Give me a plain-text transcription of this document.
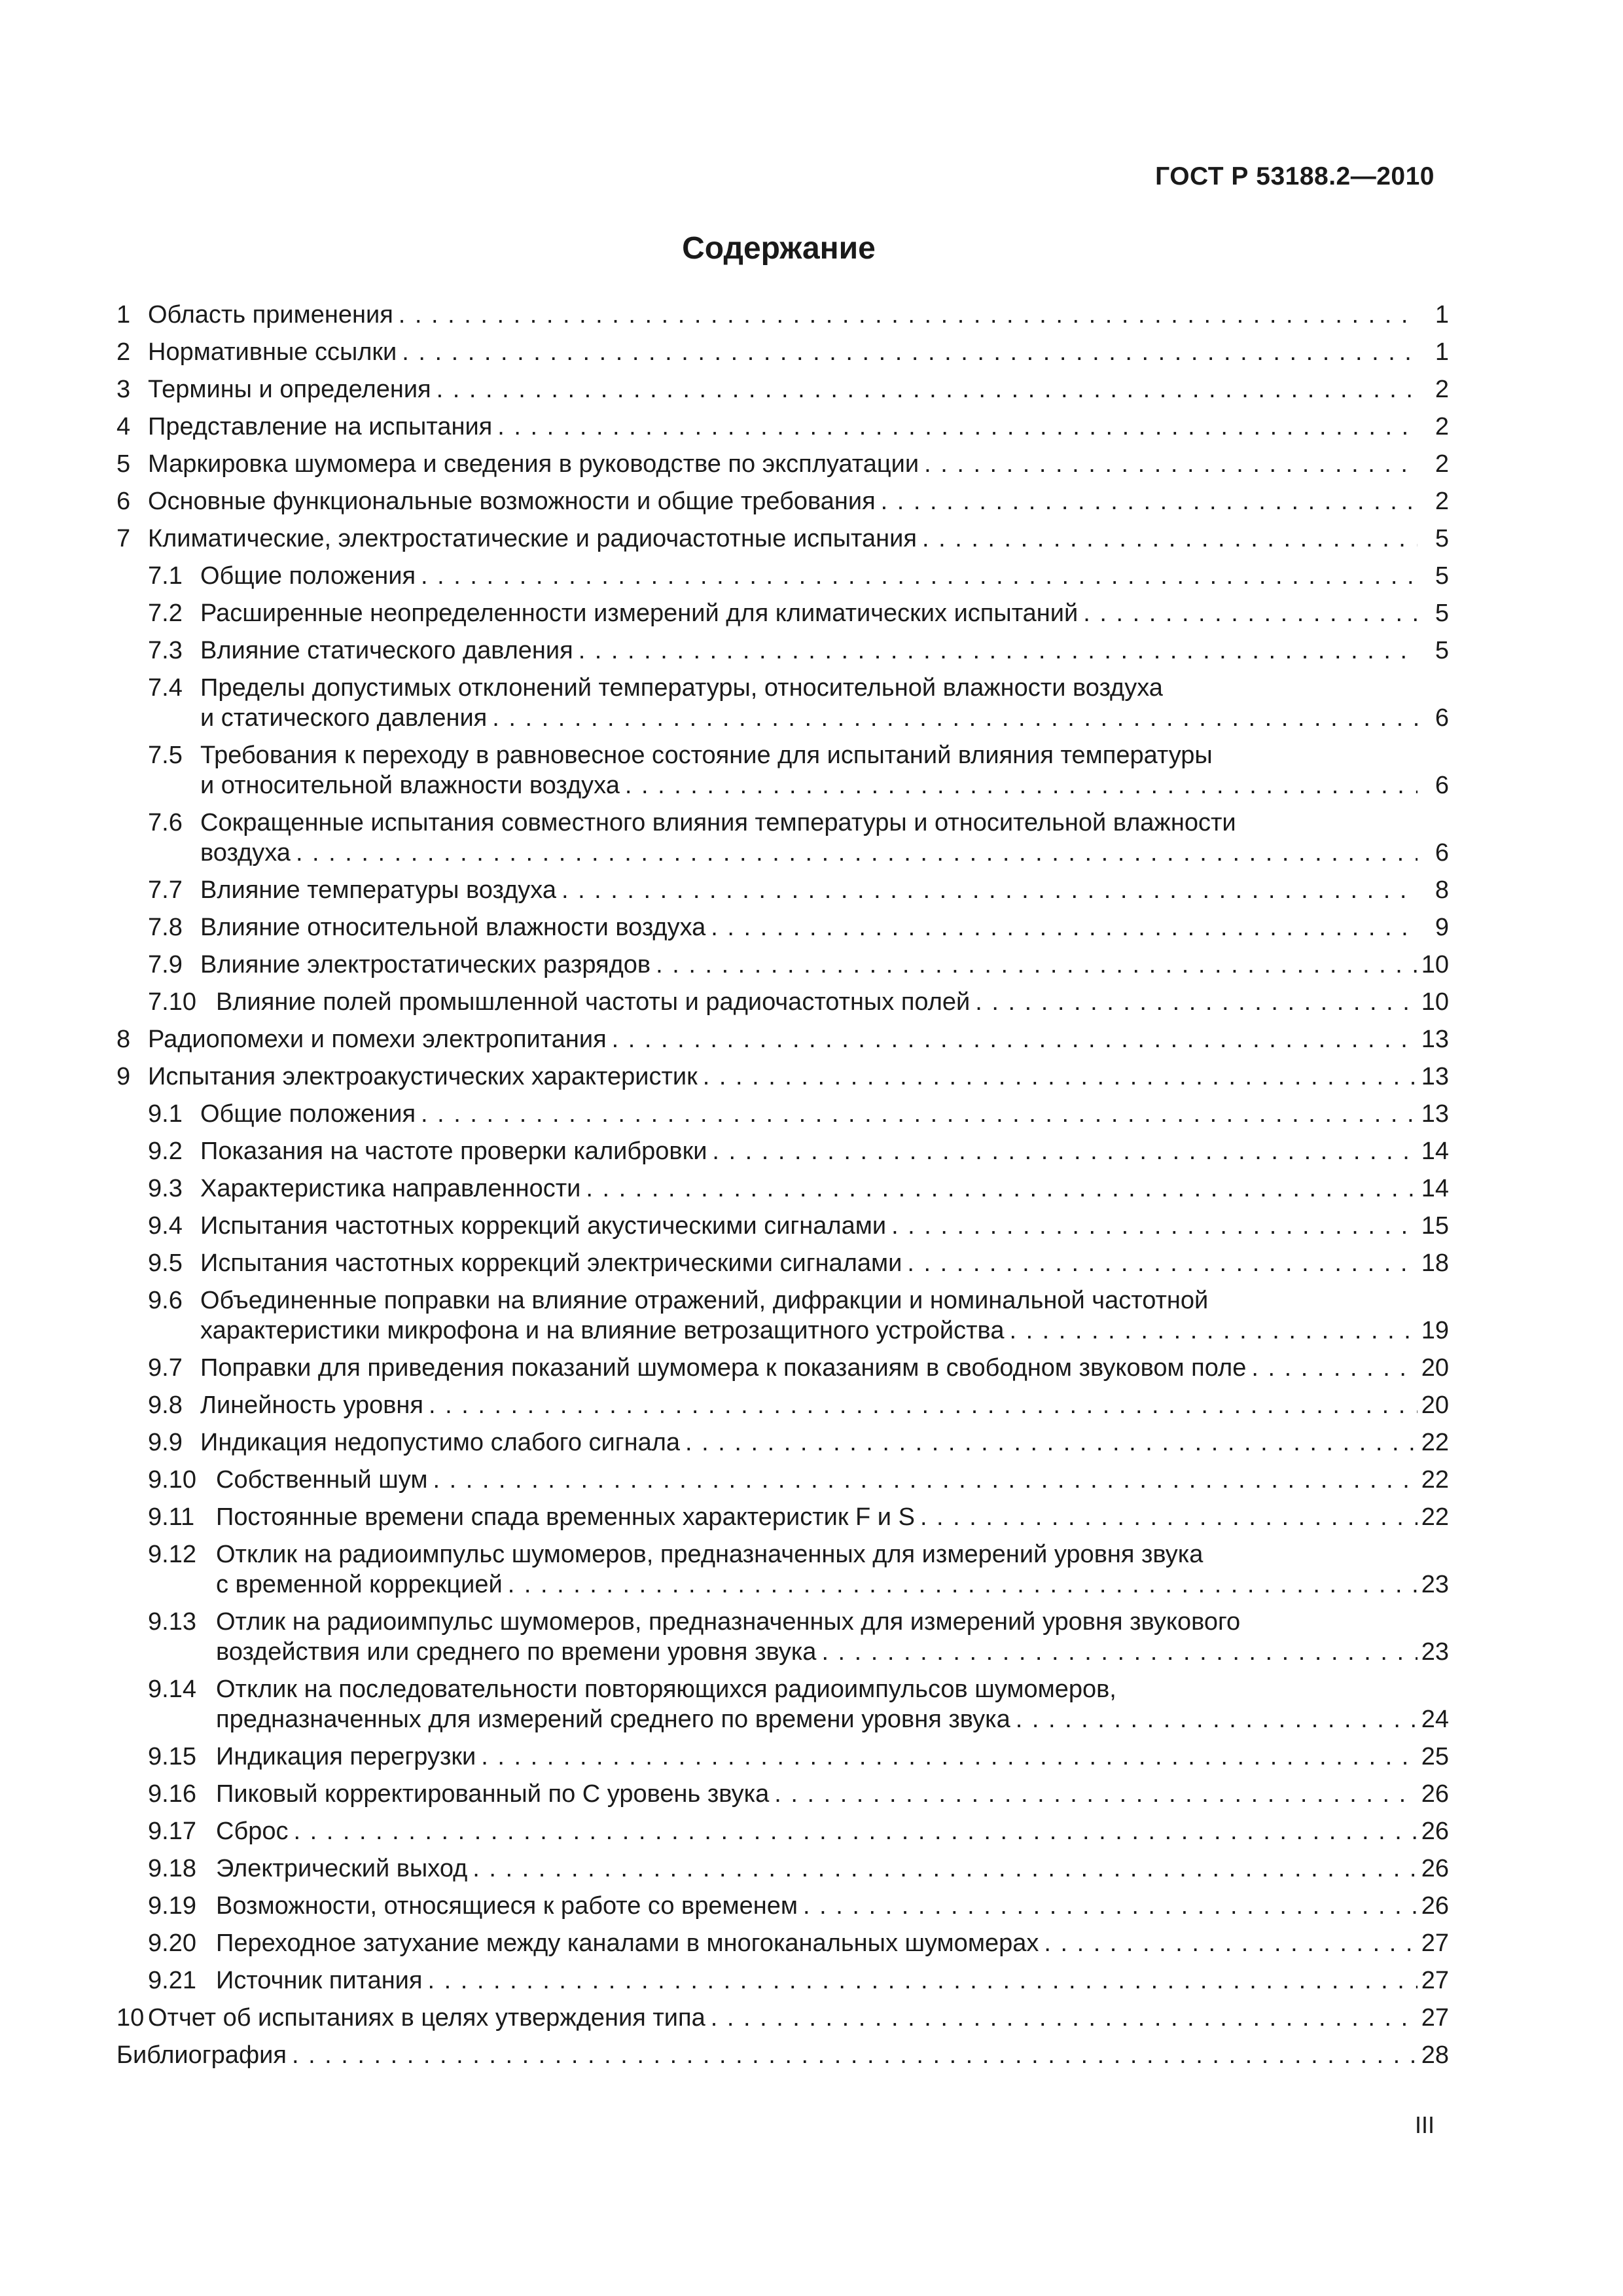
ГОСТ Р 53188.2—2010
Содержание
1 Область применения . . .	1
2 Нормативные ссылки . . .	1
3 Термины и определения . . .	2
4 Представление на испытания . . .	2
5 Маркировка шумомера и сведения в руководстве по эксплуатации . . .	2
6 Основные функциональные возможности и общие требования . . .	2
7 Климатические, электростатические и радиочастотные испытания . . .	5
7.1 Общие положения . . .	5
7.2 Расширенные неопределенности измерений для климатических испытаний . . .	5
7.3 Влияние статического давления . . .	5
7.4 Пределы допустимых отклонений температуры, относительной влажности воздуха
и статического давления . . .	6
7.5 Требования к переходу в равновесное состояние для испытаний влияния температуры
и относительной влажности воздуха . . .	6
7.6 Сокращенные испытания совместного влияния температуры и относительной влажности
воздуха . . .	6
7.7 Влияние температуры воздуха . . .	8
7.8 Влияние относительной влажности воздуха . . .	9
7.9 Влияние электростатических разрядов . . .	10
7.10 Влияние полей промышленной частоты и радиочастотных полей . . .	10
8 Радиопомехи и помехи электропитания . . .	13
9 Испытания электроакустических характеристик . . .	13
9.1 Общие положения . . .	13
9.2 Показания на частоте проверки калибровки . . .	14
9.3 Характеристика направленности . . .	14
9.4 Испытания частотных коррекций акустическими сигналами . . .	15
9.5 Испытания частотных коррекций электрическими сигналами . . .	18
9.6 Объединенные поправки на влияние отражений, дифракции и номинальной частотной
характеристики микрофона и на влияние ветрозащитного устройства . . .	19
9.7 Поправки для приведения показаний шумомера к показаниям в свободном звуковом поле . . .	20
9.8 Линейность уровня . . .	20
9.9 Индикация недопустимо слабого сигнала . . .	22
9.10 Собственный шум . . .	22
9.11 Постоянные времени спада временных характеристик F и S . . .	22
9.12 Отклик на радиоимпульс шумомеров, предназначенных для измерений уровня звука
с временной коррекцией . . .	23
9.13 Отлик на радиоимпульс шумомеров, предназначенных для измерений уровня звукового
воздействия или среднего по времени уровня звука . . .	23
9.14 Отклик на последовательности повторяющихся радиоимпульсов шумомеров,
предназначенных для измерений среднего по времени уровня звука . . .	24
9.15 Индикация перегрузки . . .	25
9.16 Пиковый корректированный по C уровень звука . . .	26
9.17 Сброс . . .	26
9.18 Электрический выход . . .	26
9.19 Возможности, относящиеся к работе со временем . . .	26
9.20 Переходное затухание между каналами в многоканальных шумомерах . . .	27
9.21 Источник питания . . .	27
10 Отчет об испытаниях в целях утверждения типа . . .	27
Библиография . . .	28
III
